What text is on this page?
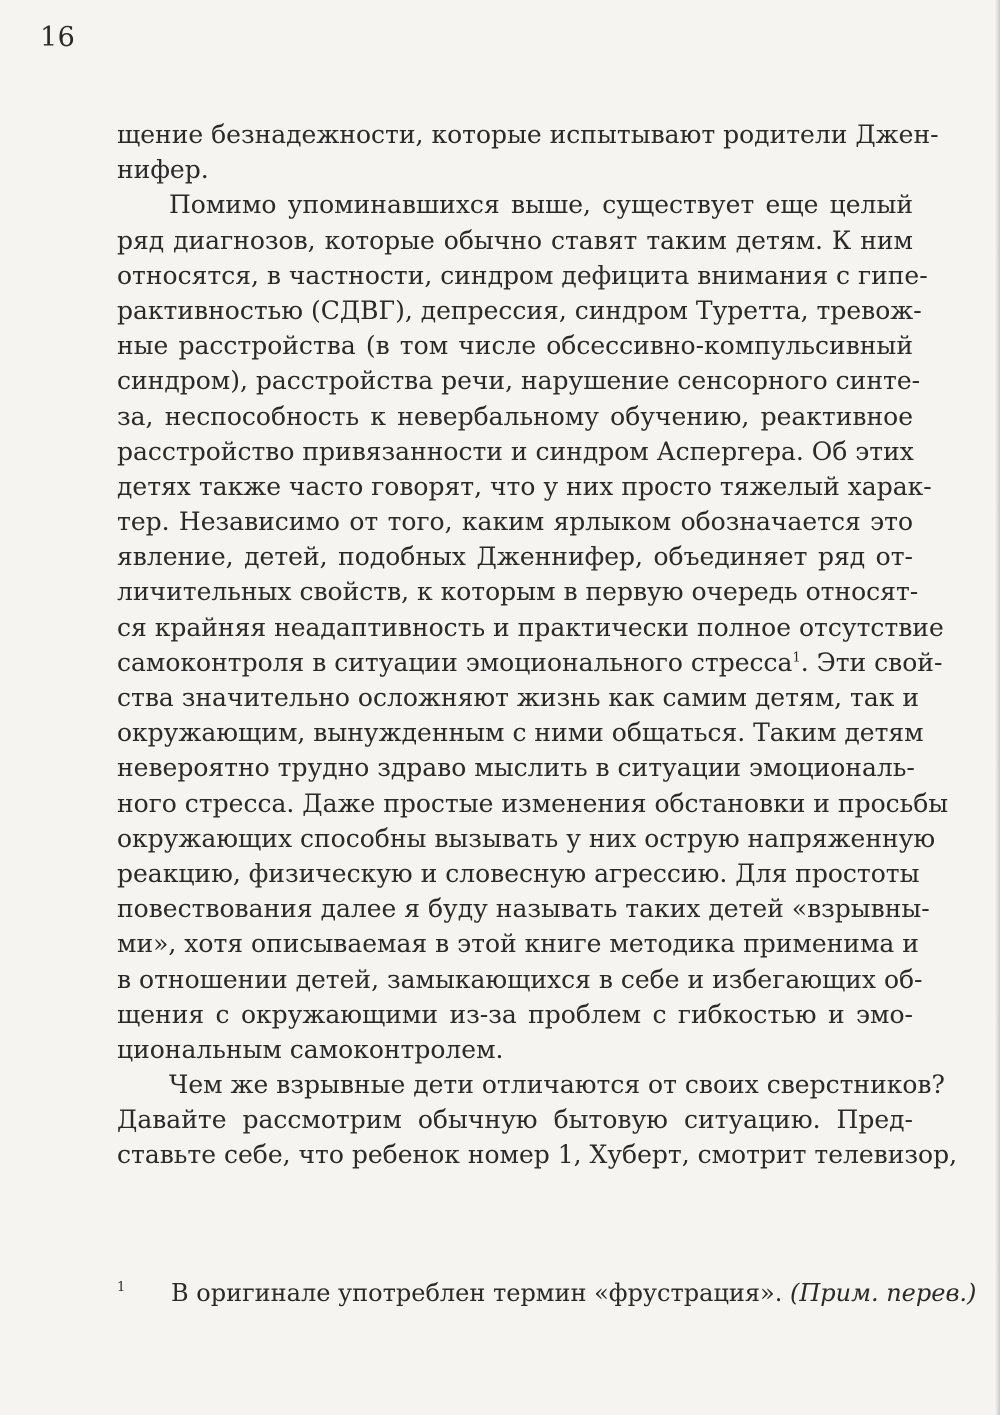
16
щение безнадежности, которые испытывают родители Джен-
нифер.
Помимо упоминавшихся выше, существует еще целый
ряд диагнозов, которые обычно ставят таким детям. К ним
относятся, в частности, синдром дефицита внимания с гипе-
рактивностью (СДВГ), депрессия, синдром Туретта, тревож-
ные расстройства (в том числе обсессивно-компульсивный
синдром), расстройства речи, нарушение сенсорного синте-
за, неспособность к невербальному обучению, реактивное
расстройство привязанности и синдром Аспергера. Об этих
детях также часто говорят, что у них просто тяжелый харак-
тер. Независимо от того, каким ярлыком обозначается это
явление, детей, подобных Дженнифер, объединяет ряд от-
личительных свойств, к которым в первую очередь относят-
ся крайняя неадаптивность и практически полное отсутствие
самоконтроля в ситуации эмоционального стресса$^1$. Эти свой-
ства значительно осложняют жизнь как самим детям, так и
окружающим, вынужденным с ними общаться. Таким детям
невероятно трудно здраво мыслить в ситуации эмоциональ-
ного стресса. Даже простые изменения обстановки и просьбы
окружающих способны вызывать у них острую напряженную
реакцию, физическую и словесную агрессию. Для простоты
повествования далее я буду называть таких детей «взрывны-
ми», хотя описываемая в этой книге методика применима и
в отношении детей, замыкающихся в себе и избегающих об-
щения с окружающими из-за проблем с гибкостью и эмо-
циональным самоконтролем.
Чем же взрывные дети отличаются от своих сверстников?
Давайте рассмотрим обычную бытовую ситуацию. Пред-
ставьте себе, что ребенок номер 1, Хуберт, смотрит телевизор,
1 В оригинале употреблен термин «фрустрация». (Прим. перев.)
